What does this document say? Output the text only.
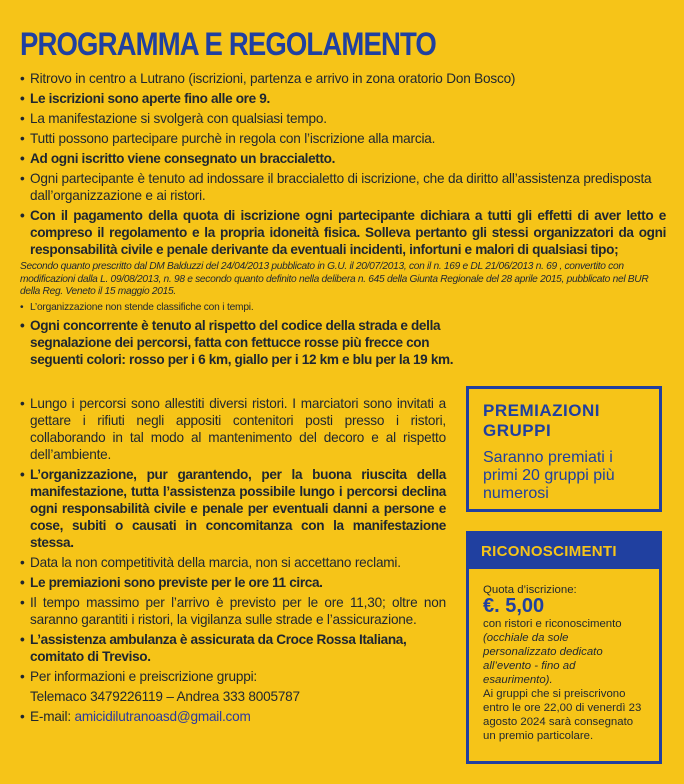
PROGRAMMA E REGOLAMENTO
• Ritrovo in centro a Lutrano (iscrizioni, partenza e arrivo in zona oratorio Don Bosco)
• Le iscrizioni sono aperte fino alle ore 9.
• La manifestazione si svolgerà con qualsiasi tempo.
• Tutti possono partecipare purchè in regola con l’iscrizione alla marcia.
• Ad ogni iscritto viene consegnato un braccialetto.
• Ogni partecipante è tenuto ad indossare il braccialetto di iscrizione, che da diritto all’assistenza predisposta dall’organizzazione e ai ristori.
• Con il pagamento della quota di iscrizione ogni partecipante dichiara a tutti gli effetti di aver letto e compreso il regolamento e la propria idoneità fisica. Solleva pertanto gli stessi organizzatori da ogni responsabilità civile e penale derivante da eventuali incidenti, infortuni e malori di qualsiasi tipo;
Secondo quanto prescritto dal DM Balduzzi del 24/04/2013 pubblicato in G.U. il 20/07/2013, con il n. 169 e DL 21/06/2013 n. 69 , convertito con modificazioni dalla L. 09/08/2013, n. 98 e secondo quanto definito nella delibera n. 645 della Giunta Regionale del 28 aprile 2015, pubblicato nel BUR della Reg. Veneto il 15 maggio 2015.
• L’organizzazione non stende classifiche con i tempi.
• Ogni concorrente è tenuto al rispetto del codice della strada e della segnalazione dei percorsi, fatta con fettucce rosse più frecce con seguenti colori: rosso per i 6 km, giallo per i 12 km e blu per la 19 km.
• Lungo i percorsi sono allestiti diversi ristori. I marciatori sono invitati a gettare i rifiuti negli appositi contenitori posti presso i ristori, collaborando in tal modo al mantenimento del decoro e al rispetto dell’ambiente.
• L’organizzazione, pur garantendo, per la buona riuscita della manifestazione, tutta l’assistenza possibile lungo i percorsi declina ogni responsabilità civile e penale per eventuali danni a persone e cose, subiti o causati in concomitanza con la manifestazione stessa.
• Data la non competitività della marcia, non si accettano reclami.
• Le premiazioni sono previste per le ore 11 circa.
• Il tempo massimo per l’arrivo è previsto per le ore 11,30; oltre non saranno garantiti i ristori, la vigilanza sulle strade e l’assicurazione.
• L’assistenza ambulanza è assicurata da Croce Rossa Italiana, comitato di Treviso.
• Per informazioni e preiscrizione gruppi:
Telemaco 3479226119 – Andrea 333 8005787
• E-mail: amicidilutranoasd@gmail.com
PREMIAZIONI GRUPPI
Saranno premiati i primi 20 gruppi più numerosi
RICONOSCIMENTI
Quota d’iscrizione:
€. 5,00
con ristori e riconoscimento
(occhiale da sole personalizzato dedicato all’evento - fino ad esaurimento).
Ai gruppi che si preiscrivono entro le ore 22,00 di venerdì 23 agosto 2024 sarà consegnato un premio particolare.
